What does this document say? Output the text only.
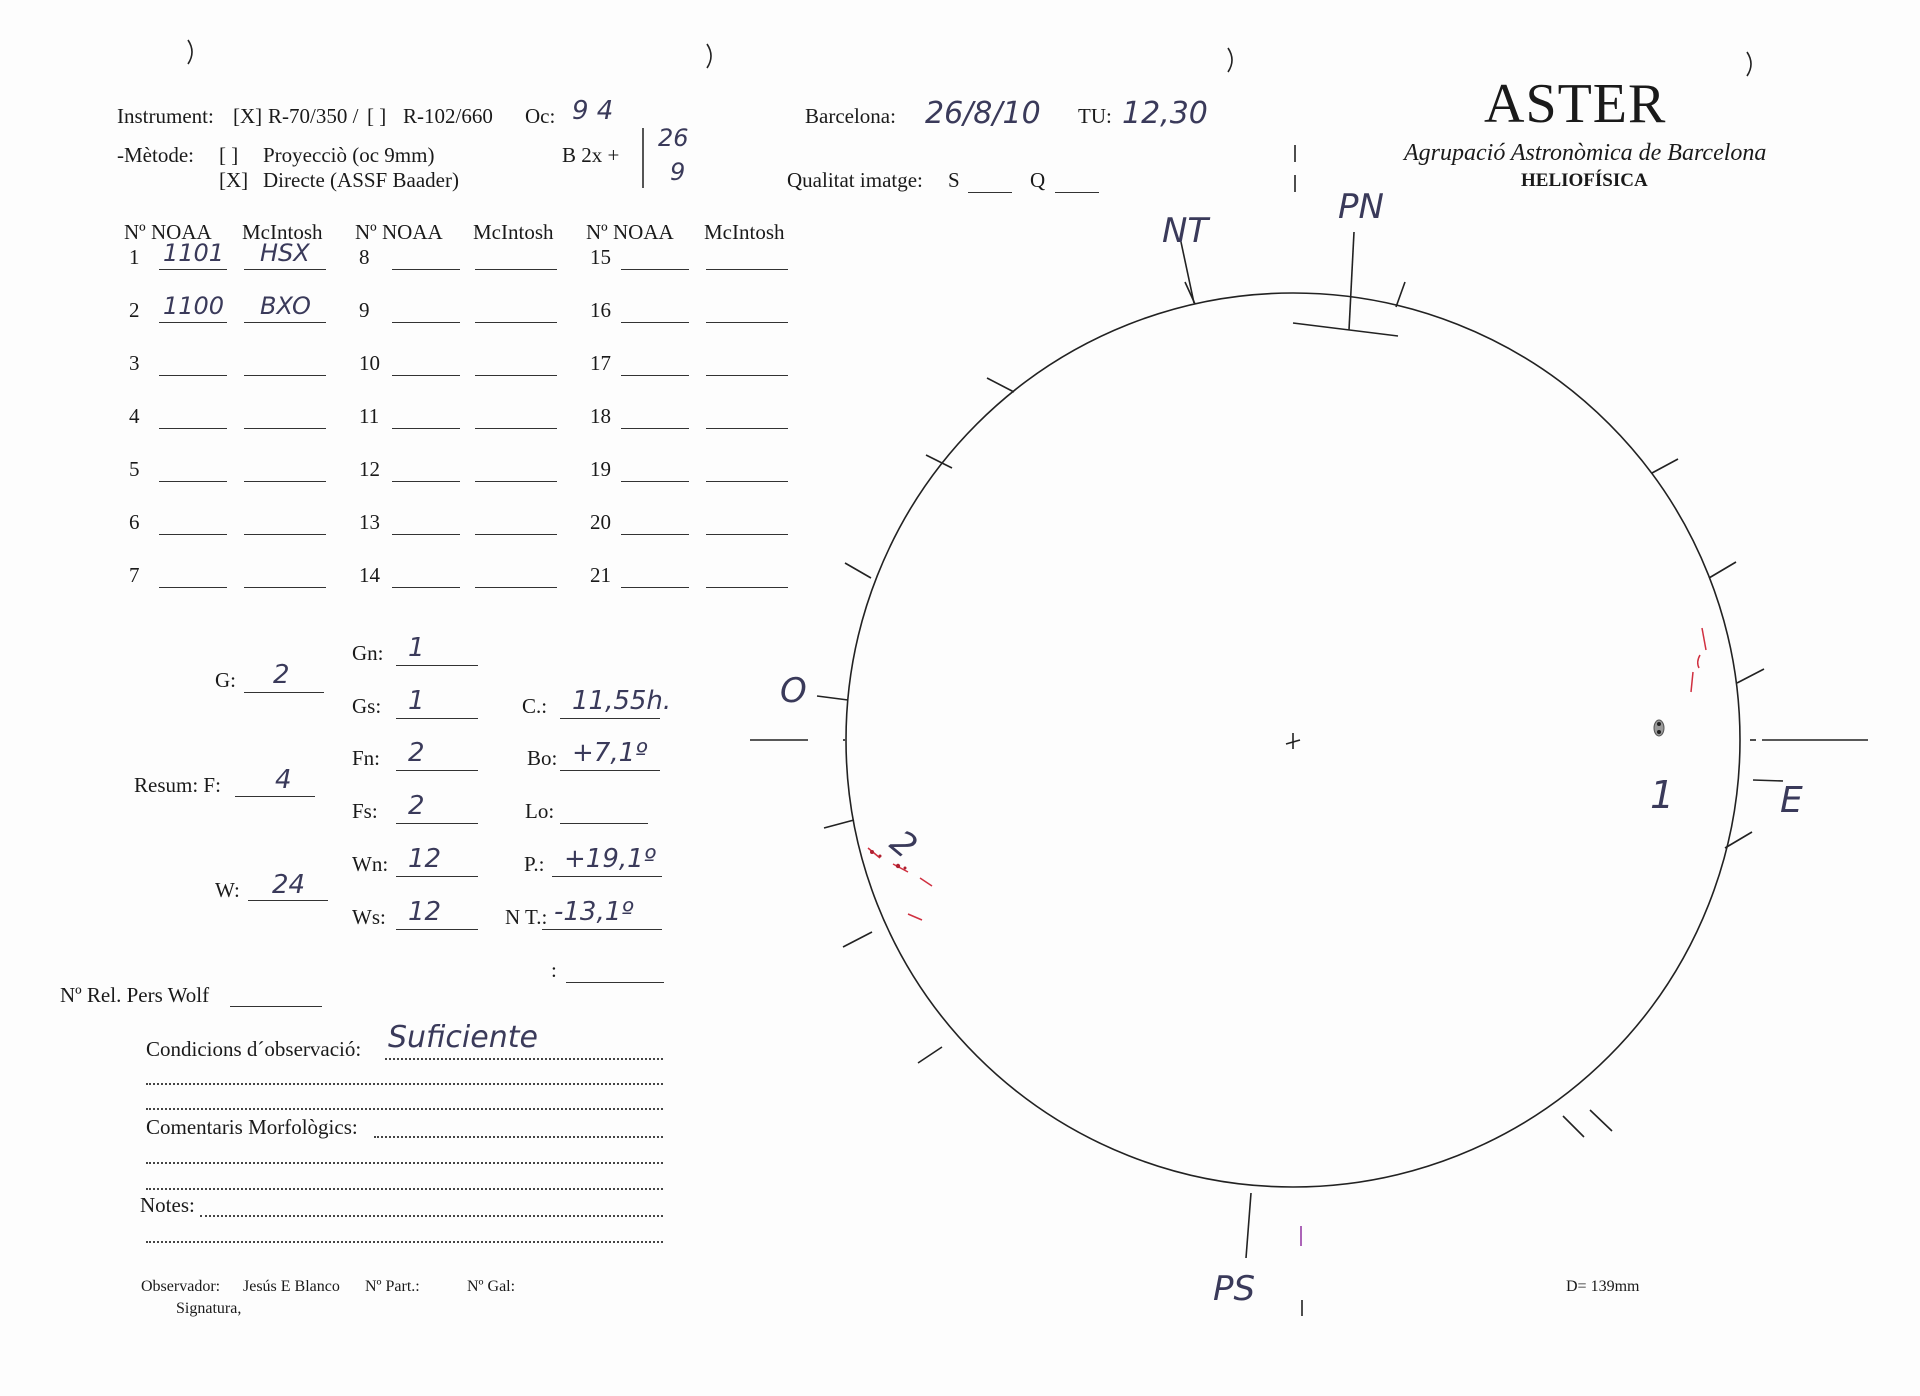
Instrument: [X] R-70/350 / [ ] R-102/660 Oc: 9 4
-Mètode: [ ] Proyecciò (oc 9mm)
[X] Directe (ASSF Baader)
B 2x +
26
9
Barcelona: 26/8/10 TU: 12,30
Qualitat imatge: S	Q
ASTER
Agrupació Astronòmica de Barcelona
HELIOFÍSICA
Nº NOAA McIntosh Nº NOAA McIntosh Nº NOAA McIntosh
1 1101 HSX
2 1100 BXO
3
4
5
6
7
8
9
10
11
12
13
14
15
16
17
18
19
20
21
G: 2
Resum: F: 4
W: 24
Gn: 1
Gs: 1
Fn: 2
Fs: 2
Wn: 12
Ws: 12
C.: 11,55h.
Bo: +7,1º
Lo:
P.: +19,1º
N T.: -13,1º
:
Nº Rel. Pers Wolf
Condicions d´observació: Suficiente
Comentaris Morfològics:
Notes:
Observador: Jesús E Blanco Nº Part.:	Nº Gal:
Signatura,
D= 139mm
NT
PN
PS
O
E
1
2
